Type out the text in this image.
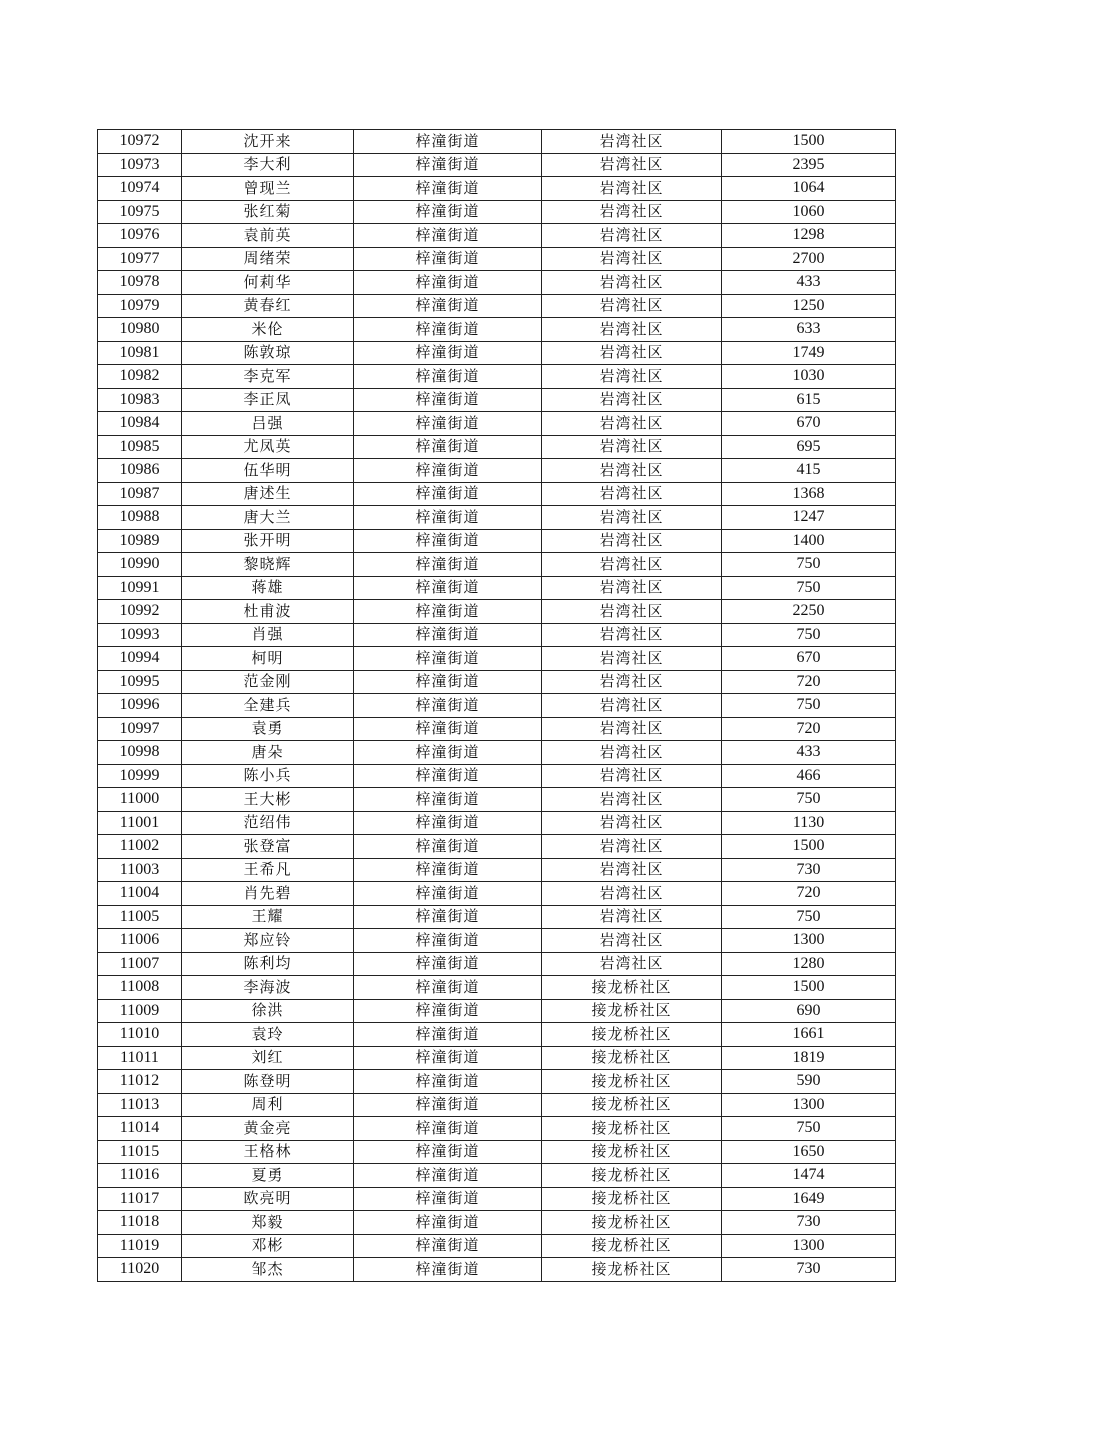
10972	沈开来	梓潼街道	岩湾社区	1500
10973	李大利	梓潼街道	岩湾社区	2395
10974	曾现兰	梓潼街道	岩湾社区	1064
10975	张红菊	梓潼街道	岩湾社区	1060
10976	袁前英	梓潼街道	岩湾社区	1298
10977	周绪荣	梓潼街道	岩湾社区	2700
10978	何莉华	梓潼街道	岩湾社区	433
10979	黄春红	梓潼街道	岩湾社区	1250
10980	米伦	梓潼街道	岩湾社区	633
10981	陈敦琼	梓潼街道	岩湾社区	1749
10982	李克军	梓潼街道	岩湾社区	1030
10983	李正凤	梓潼街道	岩湾社区	615
10984	吕强	梓潼街道	岩湾社区	670
10985	尤凤英	梓潼街道	岩湾社区	695
10986	伍华明	梓潼街道	岩湾社区	415
10987	唐述生	梓潼街道	岩湾社区	1368
10988	唐大兰	梓潼街道	岩湾社区	1247
10989	张开明	梓潼街道	岩湾社区	1400
10990	黎晓辉	梓潼街道	岩湾社区	750
10991	蒋雄	梓潼街道	岩湾社区	750
10992	杜甫波	梓潼街道	岩湾社区	2250
10993	肖强	梓潼街道	岩湾社区	750
10994	柯明	梓潼街道	岩湾社区	670
10995	范金刚	梓潼街道	岩湾社区	720
10996	全建兵	梓潼街道	岩湾社区	750
10997	袁勇	梓潼街道	岩湾社区	720
10998	唐朵	梓潼街道	岩湾社区	433
10999	陈小兵	梓潼街道	岩湾社区	466
11000	王大彬	梓潼街道	岩湾社区	750
11001	范绍伟	梓潼街道	岩湾社区	1130
11002	张登富	梓潼街道	岩湾社区	1500
11003	王希凡	梓潼街道	岩湾社区	730
11004	肖先碧	梓潼街道	岩湾社区	720
11005	王耀	梓潼街道	岩湾社区	750
11006	郑应铃	梓潼街道	岩湾社区	1300
11007	陈利均	梓潼街道	岩湾社区	1280
11008	李海波	梓潼街道	接龙桥社区	1500
11009	徐洪	梓潼街道	接龙桥社区	690
11010	袁玲	梓潼街道	接龙桥社区	1661
11011	刘红	梓潼街道	接龙桥社区	1819
11012	陈登明	梓潼街道	接龙桥社区	590
11013	周利	梓潼街道	接龙桥社区	1300
11014	黄金亮	梓潼街道	接龙桥社区	750
11015	王格林	梓潼街道	接龙桥社区	1650
11016	夏勇	梓潼街道	接龙桥社区	1474
11017	欧亮明	梓潼街道	接龙桥社区	1649
11018	郑毅	梓潼街道	接龙桥社区	730
11019	邓彬	梓潼街道	接龙桥社区	1300
11020	邹杰	梓潼街道	接龙桥社区	730
